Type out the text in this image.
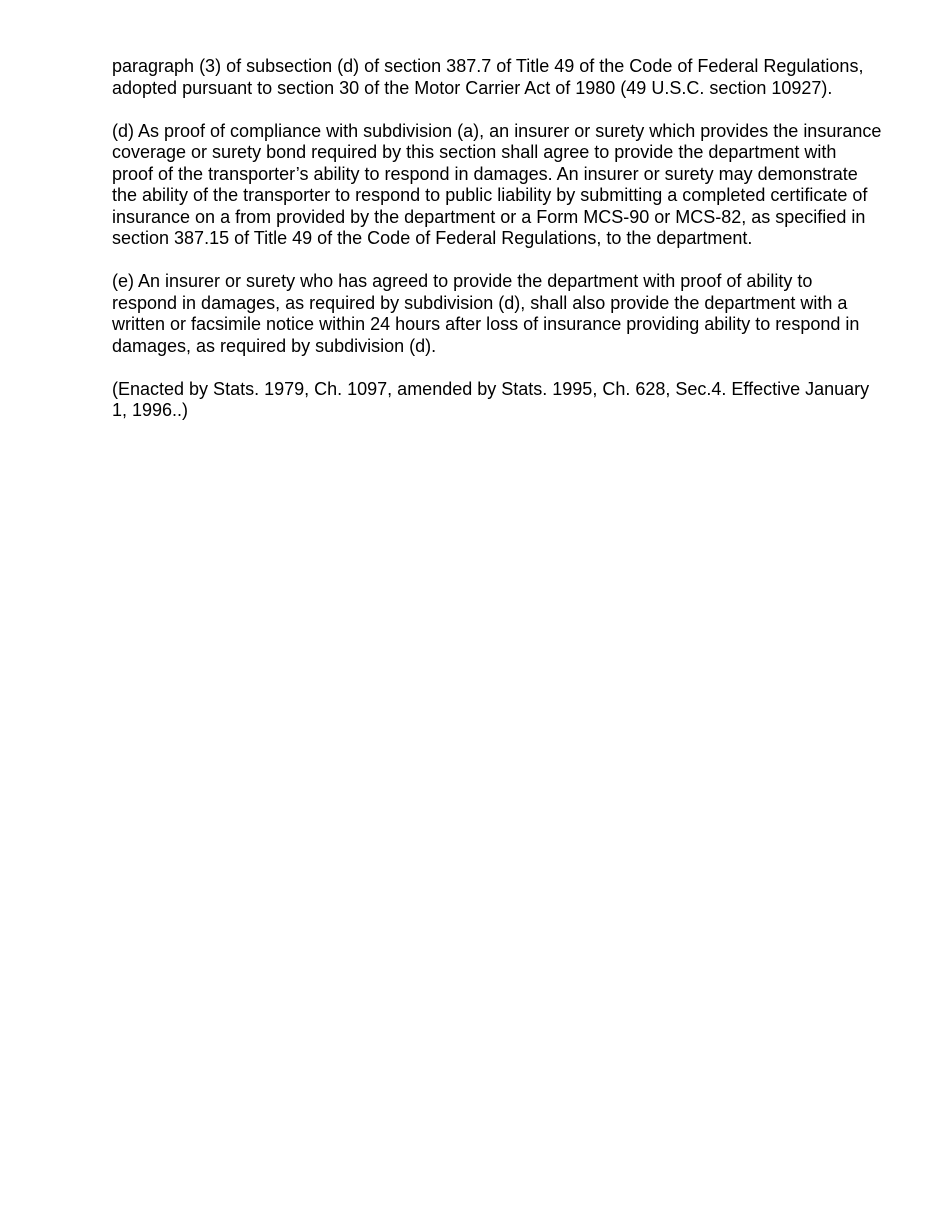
paragraph (3) of subsection (d) of section 387.7 of Title 49 of the Code of Federal Regulations, adopted pursuant to section 30 of the Motor Carrier Act of 1980 (49 U.S.C. section 10927).

(d) As proof of compliance with subdivision (a), an insurer or surety which provides the insurance coverage or surety bond required by this section shall agree to provide the department with proof of the transporter’s ability to respond in damages. An insurer or surety may demonstrate the ability of the transporter to respond to public liability by submitting a completed certificate of insurance on a from provided by the department or a Form MCS-90 or MCS-82, as specified in section 387.15 of Title 49 of the Code of Federal Regulations, to the department.

(e) An insurer or surety who has agreed to provide the department with proof of ability to respond in damages, as required by subdivision (d), shall also provide the department with a written or facsimile notice within 24 hours after loss of insurance providing ability to respond in damages, as required by subdivision (d).

(Enacted by Stats. 1979, Ch. 1097, amended by Stats. 1995, Ch. 628, Sec.4. Effective January 1, 1996..)
